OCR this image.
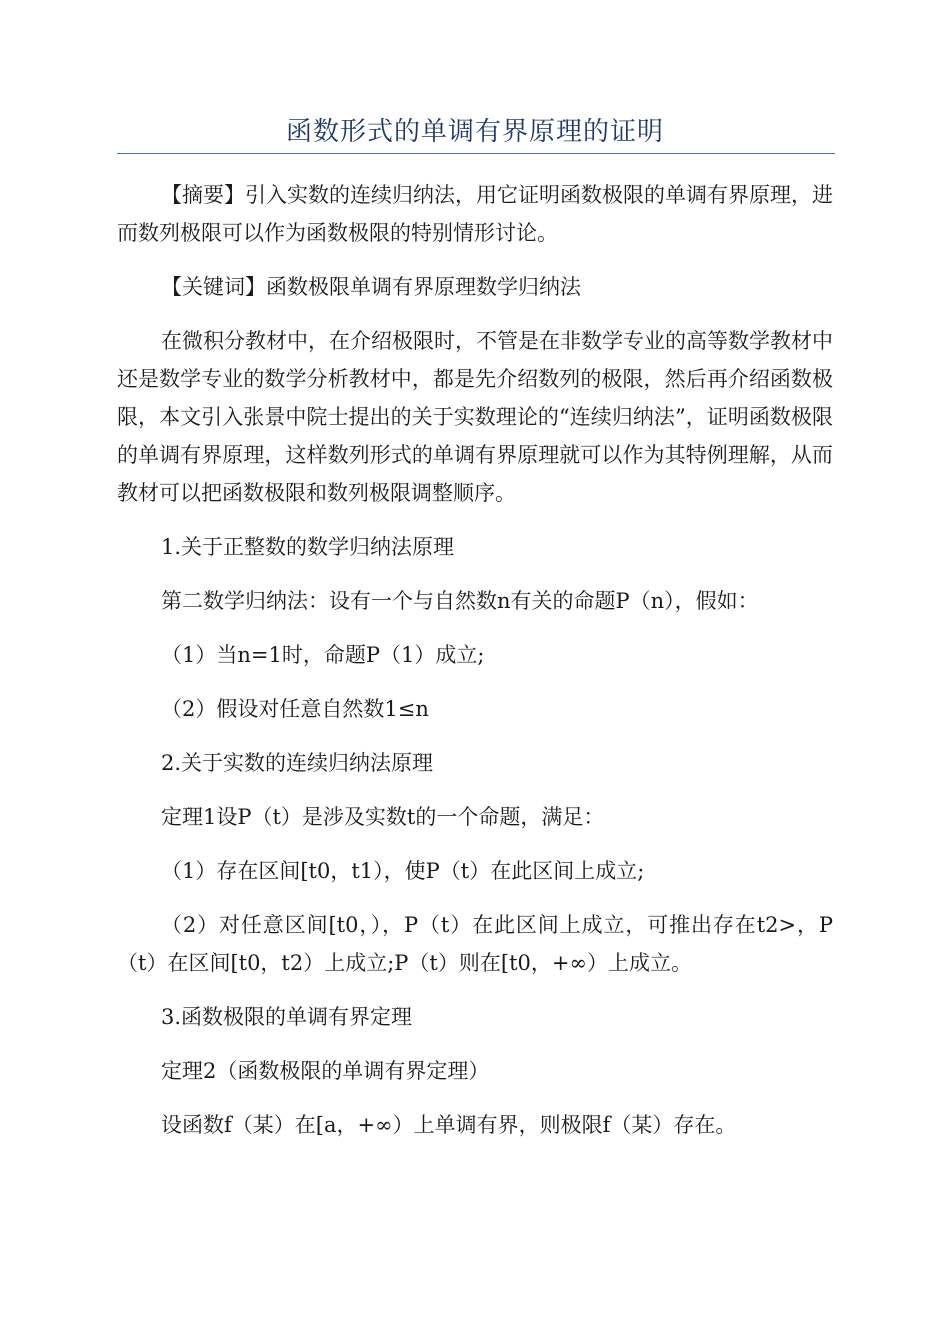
函数形式的单调有界原理的证明

【摘要】引入实数的连续归纳法，用它证明函数极限的单调有界原理，进而数列极限可以作为函数极限的特别情形讨论。

【关键词】函数极限单调有界原理数学归纳法

在微积分教材中，在介绍极限时，不管是在非数学专业的高等数学教材中还是数学专业的数学分析教材中，都是先介绍数列的极限，然后再介绍函数极限，本文引入张景中院士提出的关于实数理论的“连续归纳法”，证明函数极限的单调有界原理，这样数列形式的单调有界原理就可以作为其特例理解，从而教材可以把函数极限和数列极限调整顺序。

1.关于正整数的数学归纳法原理

第二数学归纳法：设有一个与自然数n有关的命题P（n），假如：

（1）当n=1时，命题P（1）成立;

（2）假设对任意自然数1≤n

2.关于实数的连续归纳法原理

定理1设P（t）是涉及实数t的一个命题，满足：

（1）存在区间[t0，t1），使P（t）在此区间上成立;

（2）对任意区间[t0，），P（t）在此区间上成立，可推出存在t2>，P（t）在区间[t0，t2）上成立;P（t）则在[t0，+∞）上成立。

3.函数极限的单调有界定理

定理2（函数极限的单调有界定理）

设函数f（某）在[a，+∞）上单调有界，则极限f（某）存在。
